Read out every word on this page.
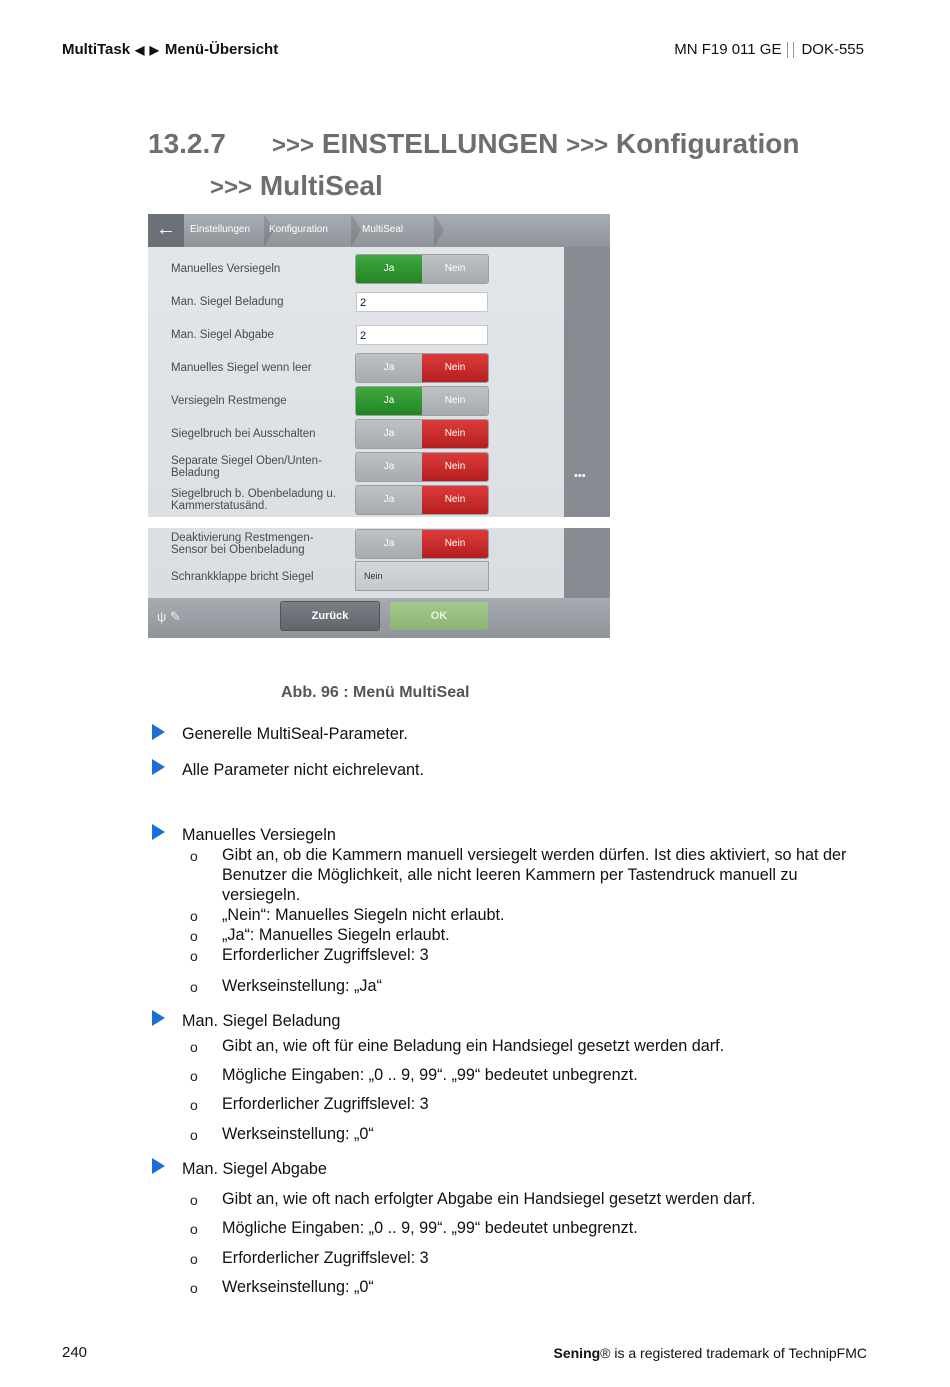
MultiTask ◀ ▶ Menü-Übersicht	MN F19 011 GE DOK-555
13.2.7 >>> EINSTELLUNGEN >>> Konfiguration
>>> MultiSeal
←	Einstellungen	Konfiguration	MultiSeal
•••
Manuelles Versiegeln	Ja	Nein
Man. Siegel Beladung	2
Man. Siegel Abgabe	2
Manuelles Siegel wenn leer	Ja	Nein
Versiegeln Restmenge	Ja	Nein
Siegelbruch bei Ausschalten	Ja	Nein
Separate Siegel Oben/Unten-
Beladung
Ja	Nein
Siegelbruch b. Obenbeladung u.
Kammerstatusänd.
Ja	Nein
Deaktivierung Restmengen-
Sensor bei Obenbeladung
Ja	Nein
Schrankklappe bricht Siegel	Nein
ψ ✎	Zurück	OK
Abb. 96 : Menü MultiSeal
Generelle MultiSeal-Parameter.
Alle Parameter nicht eichrelevant.
Manuelles Versiegeln
o Gibt an, ob die Kammern manuell versiegelt werden dürfen. Ist dies aktiviert, so hat der Benutzer die Möglichkeit, alle nicht leeren Kammern per Tastendruck manuell zu versiegeln.
o „Nein“: Manuelles Siegeln nicht erlaubt.
o „Ja“: Manuelles Siegeln erlaubt.
o Erforderlicher Zugriffslevel: 3
o Werkseinstellung: „Ja“
Man. Siegel Beladung
o Gibt an, wie oft für eine Beladung ein Handsiegel gesetzt werden darf.
o Mögliche Eingaben: „0 .. 9, 99“. „99“ bedeutet unbegrenzt.
o Erforderlicher Zugriffslevel: 3
o Werkseinstellung: „0“
Man. Siegel Abgabe
o Gibt an, wie oft nach erfolgter Abgabe ein Handsiegel gesetzt werden darf.
o Mögliche Eingaben: „0 .. 9, 99“. „99“ bedeutet unbegrenzt.
o Erforderlicher Zugriffslevel: 3
o Werkseinstellung: „0“
240	Sening® is a registered trademark of TechnipFMC
